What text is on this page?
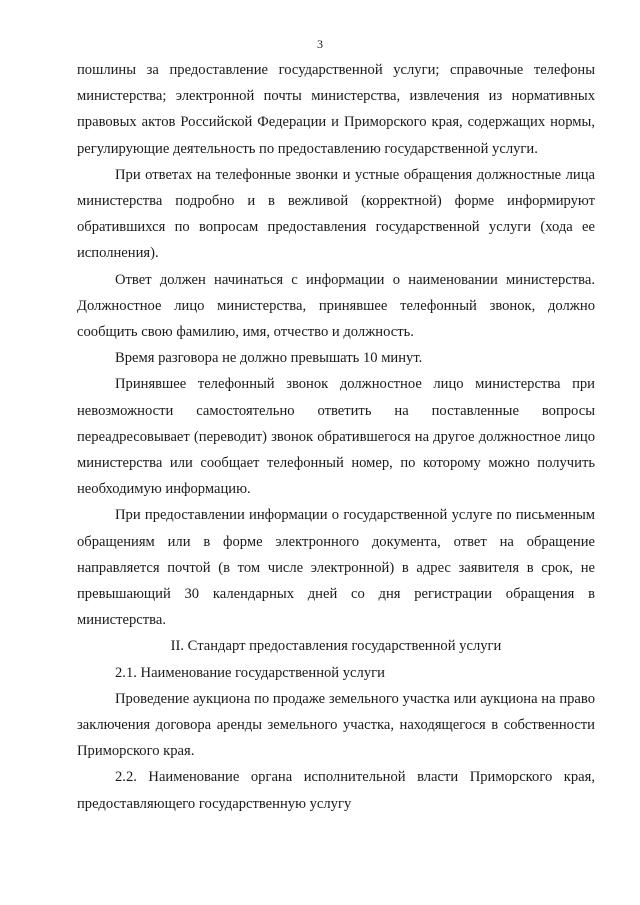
3

пошлины за предоставление государственной услуги; справочные телефоны министерства; электронной почты министерства, извлечения из нормативных правовых актов Российской Федерации и Приморского края, содержащих нормы, регулирующие деятельность по предоставлению государственной услуги.

При ответах на телефонные звонки и устные обращения должностные лица министерства подробно и в вежливой (корректной) форме информируют обратившихся по вопросам предоставления государственной услуги (хода ее исполнения).

Ответ должен начинаться с информации о наименовании министерства. Должностное лицо министерства, принявшее телефонный звонок, должно сообщить свою фамилию, имя, отчество и должность.

Время разговора не должно превышать 10 минут.

Принявшее телефонный звонок должностное лицо министерства при невозможности самостоятельно ответить на поставленные вопросы переадресовывает (переводит) звонок обратившегося на другое должностное лицо министерства или сообщает телефонный номер, по которому можно получить необходимую информацию.

При предоставлении информации о государственной услуге по письменным обращениям или в форме электронного документа, ответ на обращение направляется почтой (в том числе электронной) в адрес заявителя в срок, не превышающий 30 календарных дней со дня регистрации обращения в министерства.

II. Стандарт предоставления государственной услуги

2.1. Наименование государственной услуги

Проведение аукциона по продаже земельного участка или аукциона на право заключения договора аренды земельного участка, находящегося в собственности Приморского края.

2.2. Наименование органа исполнительной власти Приморского края, предоставляющего государственную услугу
